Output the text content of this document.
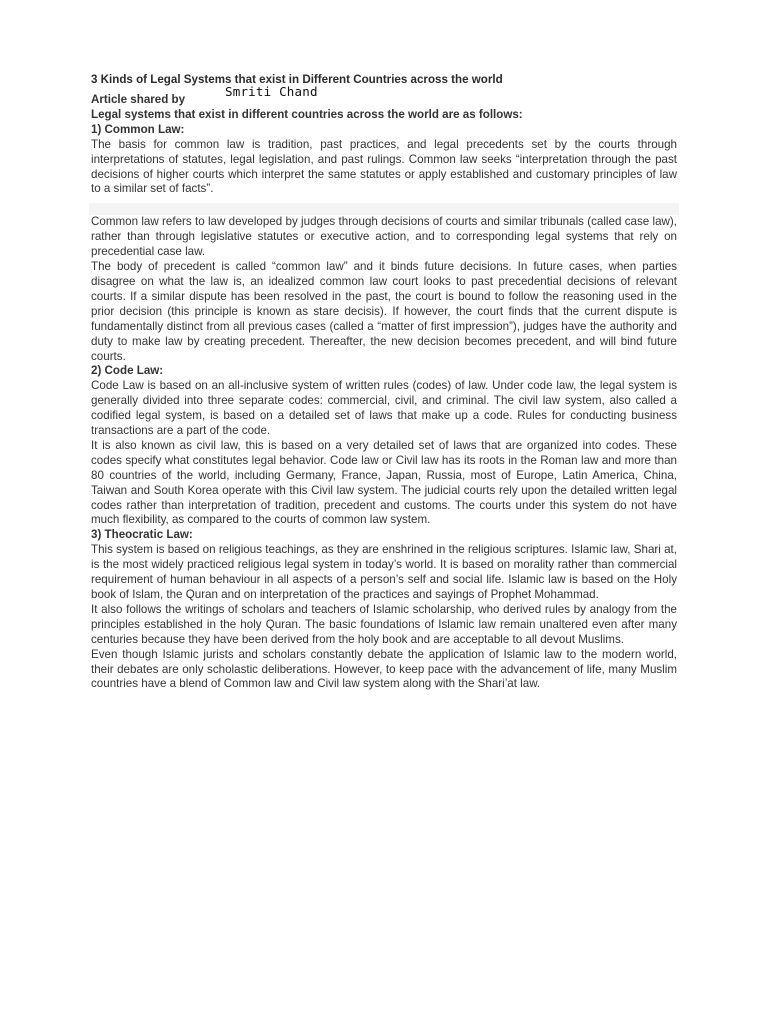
3 Kinds of Legal Systems that exist in Different Countries across the world

Article shared by
Smriti Chand

Legal systems that exist in different countries across the world are as follows:

1) Common Law:

The basis for common law is tradition, past practices, and legal precedents set by the courts through interpretations of statutes, legal legislation, and past rulings. Common law seeks “interpretation through the past decisions of higher courts which interpret the same statutes or apply established and customary principles of law to a similar set of facts”.

Common law refers to law developed by judges through decisions of courts and similar tribunals (called case law), rather than through legislative statutes or executive action, and to corresponding legal systems that rely on precedential case law.

The body of precedent is called “common law” and it binds future decisions. In future cases, when parties disagree on what the law is, an idealized common law court looks to past precedential decisions of relevant courts. If a similar dispute has been resolved in the past, the court is bound to follow the reasoning used in the prior decision (this principle is known as stare decisis). If however, the court finds that the current dispute is fundamentally distinct from all previous cases (called a “matter of first impression”), judges have the authority and duty to make law by creating precedent. Thereafter, the new decision becomes precedent, and will bind future courts.

2) Code Law:

Code Law is based on an all-inclusive system of written rules (codes) of law. Under code law, the legal system is generally divided into three separate codes: commercial, civil, and criminal. The civil law system, also called a codified legal system, is based on a detailed set of laws that make up a code. Rules for conducting business transactions are a part of the code.

It is also known as civil law, this is based on a very detailed set of laws that are organized into codes. These codes specify what constitutes legal behavior. Code law or Civil law has its roots in the Roman law and more than 80 countries of the world, including Germany, France, Japan, Russia, most of Europe, Latin America, China, Taiwan and South Korea operate with this Civil law system. The judicial courts rely upon the detailed written legal codes rather than interpretation of tradition, precedent and customs. The courts under this system do not have much flexibility, as compared to the courts of common law system.

3) Theocratic Law:

This system is based on religious teachings, as they are enshrined in the religious scriptures. Islamic law, Shari at, is the most widely practiced religious legal system in today’s world. It is based on morality rather than commercial requirement of human behaviour in all aspects of a person’s self and social life. Islamic law is based on the Holy book of Islam, the Quran and on interpretation of the practices and sayings of Prophet Mohammad.

It also follows the writings of scholars and teachers of Islamic scholarship, who derived rules by analogy from the principles established in the holy Quran. The basic foundations of Islamic law remain unaltered even after many centuries because they have been derived from the holy book and are acceptable to all devout Muslims.

Even though Islamic jurists and scholars constantly debate the application of Islamic law to the modern world, their debates are only scholastic deliberations. However, to keep pace with the advancement of life, many Muslim countries have a blend of Common law and Civil law system along with the Shari’at law.
